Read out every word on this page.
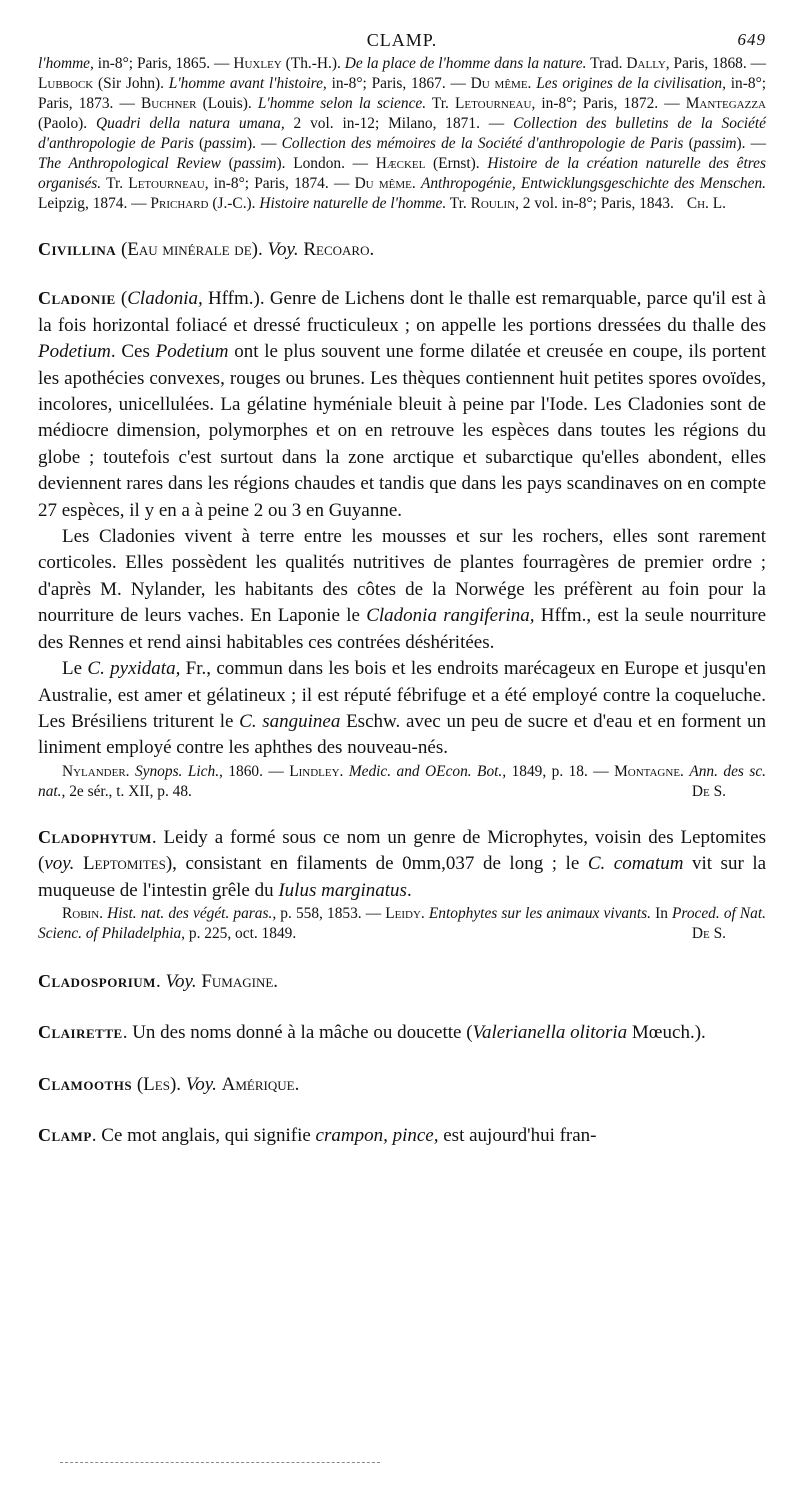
CLAMP.	649

l'homme, in-8°; Paris, 1865. — Huxley (Th.-H.). De la place de l'homme dans la nature. Trad. Dally, Paris, 1868. — Lubbock (Sir John). L'homme avant l'histoire, in-8°; Paris, 1867. — Du même. Les origines de la civilisation, in-8°; Paris, 1873. — Buchner (Louis). L'homme selon la science. Tr. Letourneau, in-8°; Paris, 1872. — Mantegazza (Paolo). Quadri della natura umana, 2 vol. in-12; Milano, 1871. — Collection des bulletins de la Société d'anthropologie de Paris (passim). — Collection des mémoires de la Société d'anthropologie de Paris (passim). — The Anthropological Review (passim). London. — Hæckel (Ernst). Histoire de la création naturelle des êtres organisés. Tr. Letourneau, in-8°; Paris, 1874. — Du même. Anthropogénie, Entwicklungsgeschichte des Menschen. Leipzig, 1874. — Prichard (J.-C.). Histoire naturelle de l'homme. Tr. Roulin, 2 vol. in-8°; Paris, 1843. Ch. L.

Civillina (Eau minérale de). Voy. Recoaro.

Cladonie (Cladonia, Hffm.). Genre de Lichens dont le thalle est remarquable, parce qu'il est à la fois horizontal foliacé et dressé fructiculeux ; on appelle les portions dressées du thalle des Podetium. Ces Podetium ont le plus souvent une forme dilatée et creusée en coupe, ils portent les apothécies convexes, rouges ou brunes. Les thèques contiennent huit petites spores ovoïdes, incolores, unicellulées. La gélatine hyméniale bleuit à peine par l'Iode. Les Cladonies sont de médiocre dimension, polymorphes et on en retrouve les espèces dans toutes les régions du globe ; toutefois c'est surtout dans la zone arctique et subarctique qu'elles abondent, elles deviennent rares dans les régions chaudes et tandis que dans les pays scandinaves on en compte 27 espèces, il y en a à peine 2 ou 3 en Guyanne.

Les Cladonies vivent à terre entre les mousses et sur les rochers, elles sont rarement corticoles. Elles possèdent les qualités nutritives de plantes fourragères de premier ordre ; d'après M. Nylander, les habitants des côtes de la Norwége les préfèrent au foin pour la nourriture de leurs vaches. En Laponie le Cladonia rangiferina, Hffm., est la seule nourriture des Rennes et rend ainsi habitables ces contrées déshéritées.

Le C. pyxidata, Fr., commun dans les bois et les endroits marécageux en Europe et jusqu'en Australie, est amer et gélatineux ; il est réputé fébrifuge et a été employé contre la coqueluche. Les Brésiliens triturent le C. sanguinea Eschw. avec un peu de sucre et d'eau et en forment un liniment employé contre les aphthes des nouveau-nés.

Nylander. Synops. Lich., 1860. — Lindley. Medic. and OEcon. Bot., 1849, p. 18. — Montagne. Ann. des sc. nat., 2e sér., t. XII, p. 48.	De S.

Cladophytum. Leidy a formé sous ce nom un genre de Microphytes, voisin des Leptomites (voy. Leptomites), consistant en filaments de 0mm,037 de long ; le C. comatum vit sur la muqueuse de l'intestin grêle du Iulus marginatus.

Robin. Hist. nat. des végét. paras., p. 558, 1853. — Leidy. Entophytes sur les animaux vivants. In Proced. of Nat. Scienc. of Philadelphia, p. 225, oct. 1849.	De S.

Cladosporium. Voy. Fumagine.

Clairette. Un des noms donné à la mâche ou doucette (Valerianella olitoria Mœuch.).

Clamooths (Les). Voy. Amérique.

Clamp. Ce mot anglais, qui signifie crampon, pince, est aujourd'hui fran-
